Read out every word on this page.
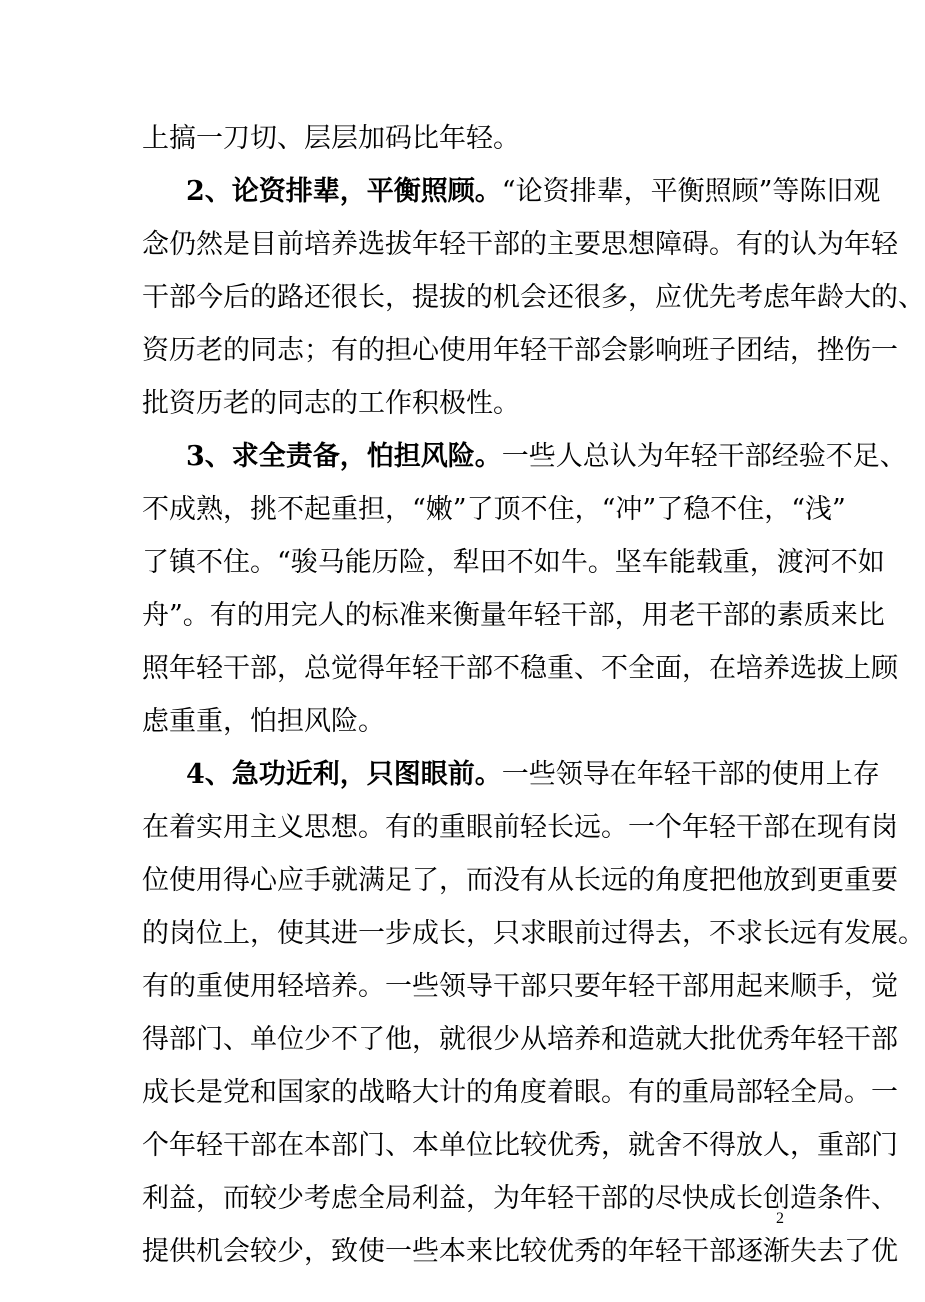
上搞一刀切、层层加码比年轻。
2、论资排辈，平衡照顾。“论资排辈，平衡照顾”等陈旧观
念仍然是目前培养选拔年轻干部的主要思想障碍。有的认为年轻
干部今后的路还很长，提拔的机会还很多，应优先考虑年龄大的、
资历老的同志；有的担心使用年轻干部会影响班子团结，挫伤一
批资历老的同志的工作积极性。
3、求全责备，怕担风险。一些人总认为年轻干部经验不足、
不成熟，挑不起重担，“嫩”了顶不住，“冲”了稳不住，“浅”
了镇不住。“骏马能历险，犁田不如牛。坚车能载重，渡河不如
舟”。有的用完人的标准来衡量年轻干部，用老干部的素质来比
照年轻干部，总觉得年轻干部不稳重、不全面，在培养选拔上顾
虑重重，怕担风险。
4、急功近利，只图眼前。一些领导在年轻干部的使用上存
在着实用主义思想。有的重眼前轻长远。一个年轻干部在现有岗
位使用得心应手就满足了，而没有从长远的角度把他放到更重要
的岗位上，使其进一步成长，只求眼前过得去，不求长远有发展。
有的重使用轻培养。一些领导干部只要年轻干部用起来顺手，觉
得部门、单位少不了他，就很少从培养和造就大批优秀年轻干部
成长是党和国家的战略大计的角度着眼。有的重局部轻全局。一
个年轻干部在本部门、本单位比较优秀，就舍不得放人，重部门
利益，而较少考虑全局利益，为年轻干部的尽快成长创造条件、
提供机会较少，致使一些本来比较优秀的年轻干部逐渐失去了优
2
